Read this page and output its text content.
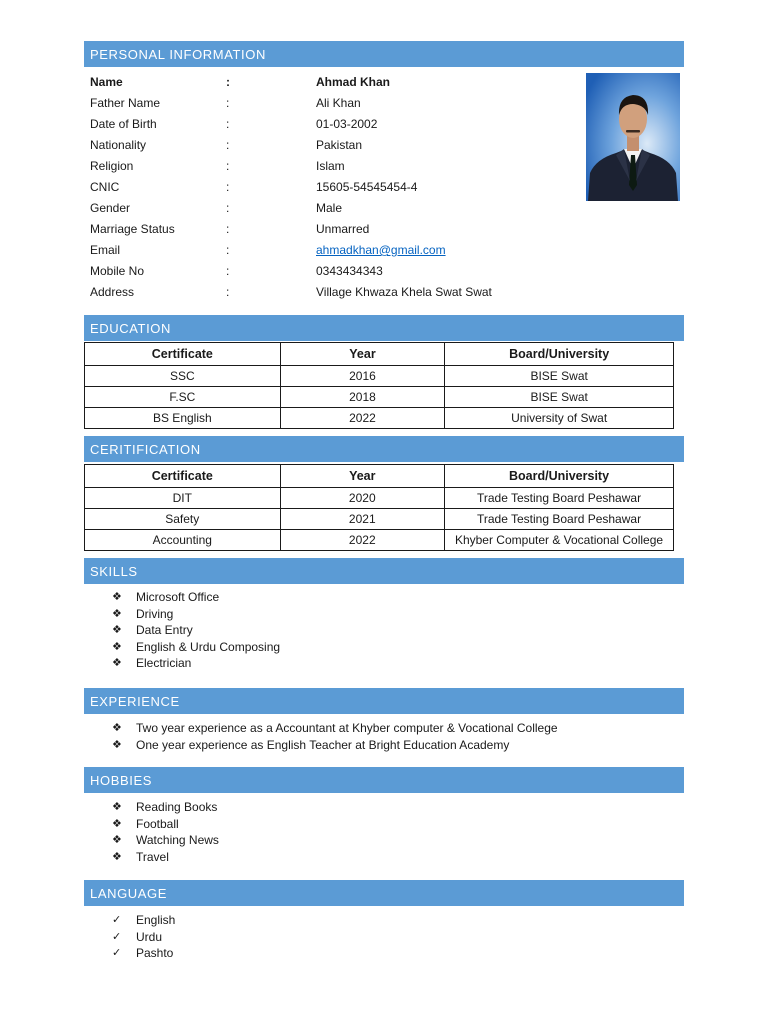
PERSONAL INFORMATION
Name	:	Ahmad Khan
Father Name	:	Ali Khan
Date of Birth	:	01-03-2002
Nationality	:	Pakistan
Religion	:	Islam
CNIC	:	15605-54545454-4
Gender	:	Male
Marriage Status	:	Unmarred
Email	:	ahmadkhan@gmail.com
Mobile No	:	0343434343
Address	:	Village Khwaza Khela Swat Swat
EDUCATION
Certificate	Year	Board/University
SSC	2016	BISE Swat
F.SC	2018	BISE Swat
BS English	2022	University of Swat
CERITIFICATION
Certificate	Year	Board/University
DIT	2020	Trade Testing Board Peshawar
Safety	2021	Trade Testing Board Peshawar
Accounting	2022	Khyber Computer & Vocational College
SKILLS
❖	Microsoft Office
❖	Driving
❖	Data Entry
❖	English & Urdu Composing
❖	Electrician
EXPERIENCE
❖	Two year experience as a Accountant at Khyber computer & Vocational College
❖	One year experience as English Teacher at Bright Education Academy
HOBBIES
❖	Reading Books
❖	Football
❖	Watching News
❖	Travel
LANGUAGE
✓	English
✓	Urdu
✓	Pashto
